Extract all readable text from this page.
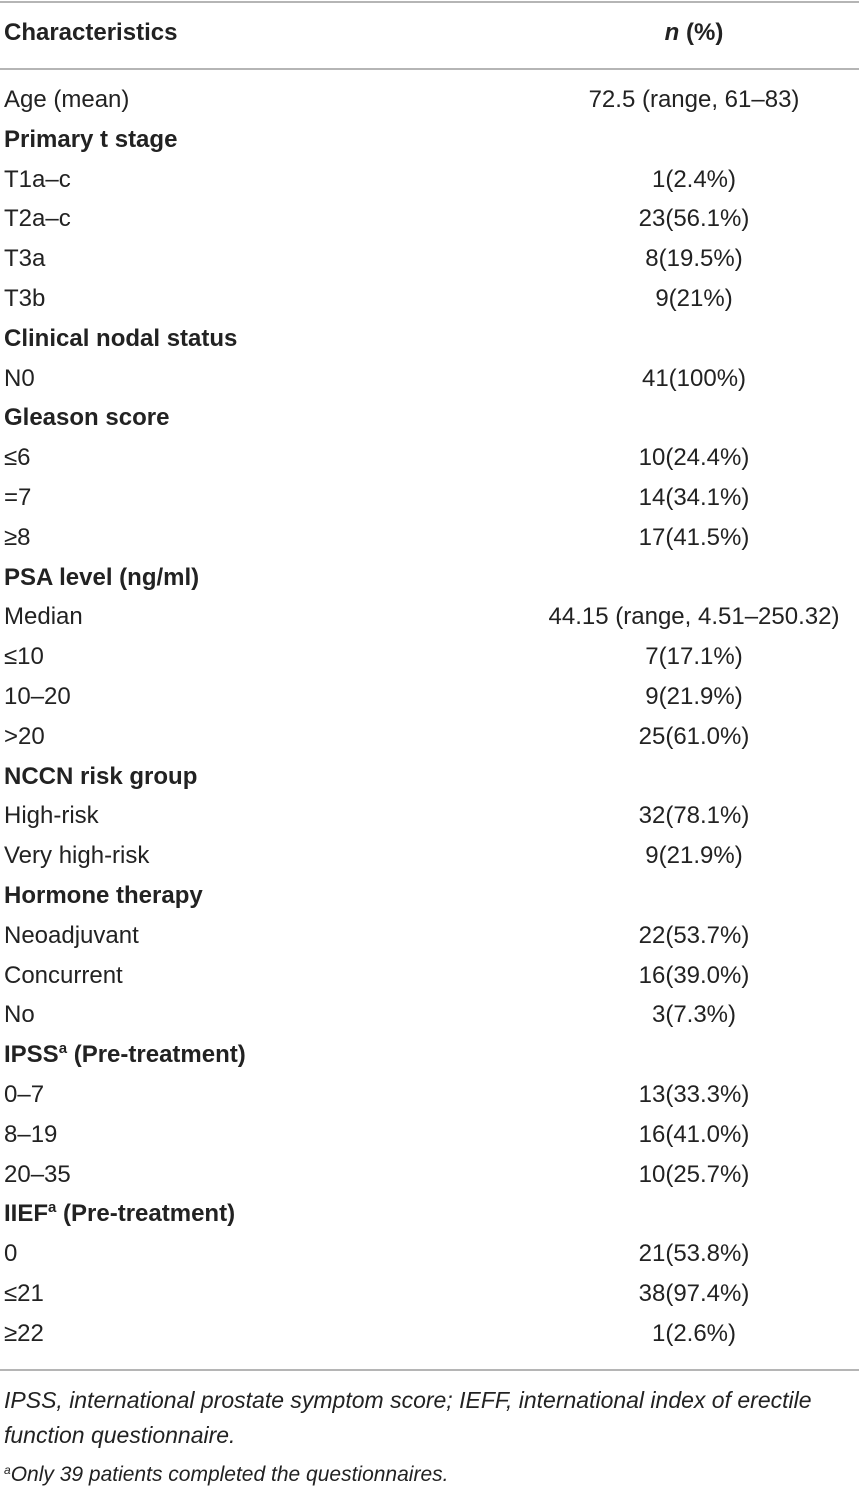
Characteristics	n (%)
Age (mean)	72.5 (range, 61–83)
Primary t stage
T1a–c	1(2.4%)
T2a–c	23(56.1%)
T3a	8(19.5%)
T3b	9(21%)
Clinical nodal status
N0	41(100%)
Gleason score
≤6	10(24.4%)
=7	14(34.1%)
≥8	17(41.5%)
PSA level (ng/ml)
Median	44.15 (range, 4.51–250.32)
≤10	7(17.1%)
10–20	9(21.9%)
>20	25(61.0%)
NCCN risk group
High-risk	32(78.1%)
Very high-risk	9(21.9%)
Hormone therapy
Neoadjuvant	22(53.7%)
Concurrent	16(39.0%)
No	3(7.3%)
IPSS$^a$ (Pre-treatment)
0–7	13(33.3%)
8–19	16(41.0%)
20–35	10(25.7%)
IIEF$^a$ (Pre-treatment)
0	21(53.8%)
≤21	38(97.4%)
≥22	1(2.6%)
IPSS, international prostate symptom score; IEFF, international index of erectile function questionnaire.
$^a$Only 39 patients completed the questionnaires.
